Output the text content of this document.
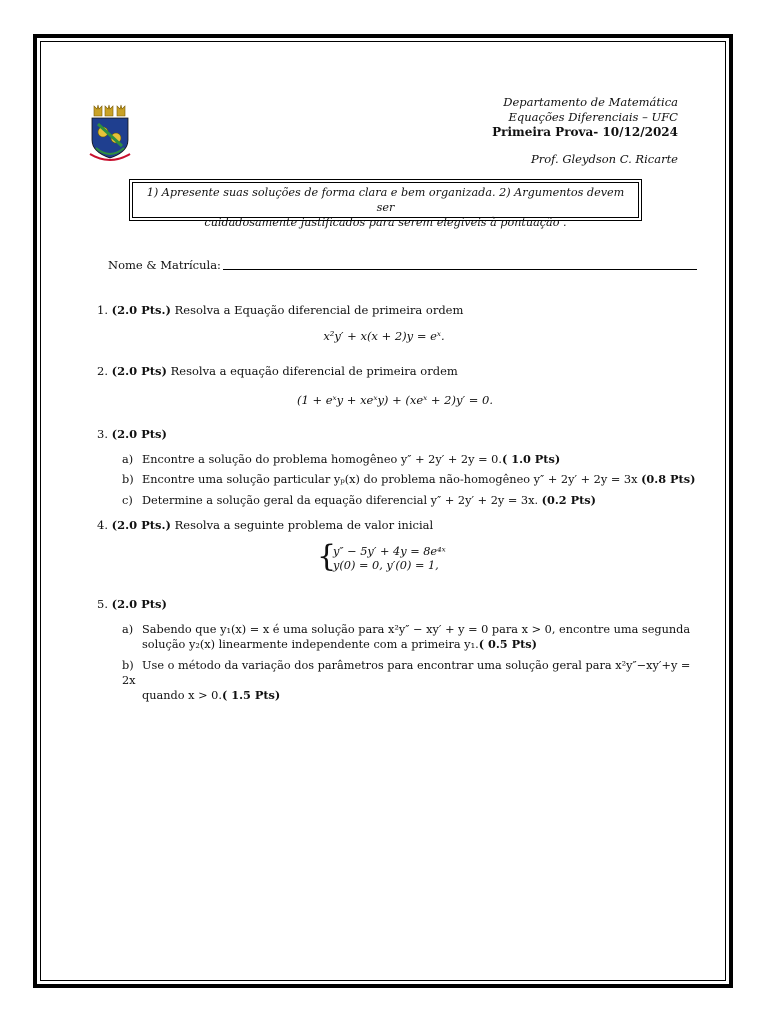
Departamento de Matemática
Equações Diferenciais – UFC
Primeira Prova- 10/12/2024
Prof. Gleydson C. Ricarte
1) Apresente suas soluções de forma clara e bem organizada. 2) Argumentos devem ser
cuidadosamente justificados para serem elegíveis à pontuação .
Nome & Matrícula:
1. (2.0 Pts.) Resolva a Equação diferencial de primeira ordem
x²y′ + x(x + 2)y = eˣ.
2. (2.0 Pts) Resolva a equação diferencial de primeira ordem
(1 + eˣy + xeˣy) + (xeˣ + 2)y′ = 0.
3. (2.0 Pts)
a) Encontre a solução do problema homogêneo y″ + 2y′ + 2y = 0.( 1.0 Pts)
b) Encontre uma solução particular yₚ(x) do problema não-homogêneo y″ + 2y′ + 2y = 3x (0.8 Pts)
c) Determine a solução geral da equação diferencial y″ + 2y′ + 2y = 3x. (0.2 Pts)
4. (2.0 Pts.) Resolva a seguinte problema de valor inicial
{
y″ − 5y′ + 4y = 8e⁴ˣ
y(0) = 0, y′(0) = 1,
5. (2.0 Pts)
a) Sabendo que y₁(x) = x é uma solução para x²y″ − xy′ + y = 0 para x > 0, encontre uma segunda
solução y₂(x) linearmente independente com a primeira y₁.( 0.5 Pts)
b) Use o método da variação dos parâmetros para encontrar uma solução geral para x²y″−xy′+y = 2x
quando x > 0.( 1.5 Pts)
